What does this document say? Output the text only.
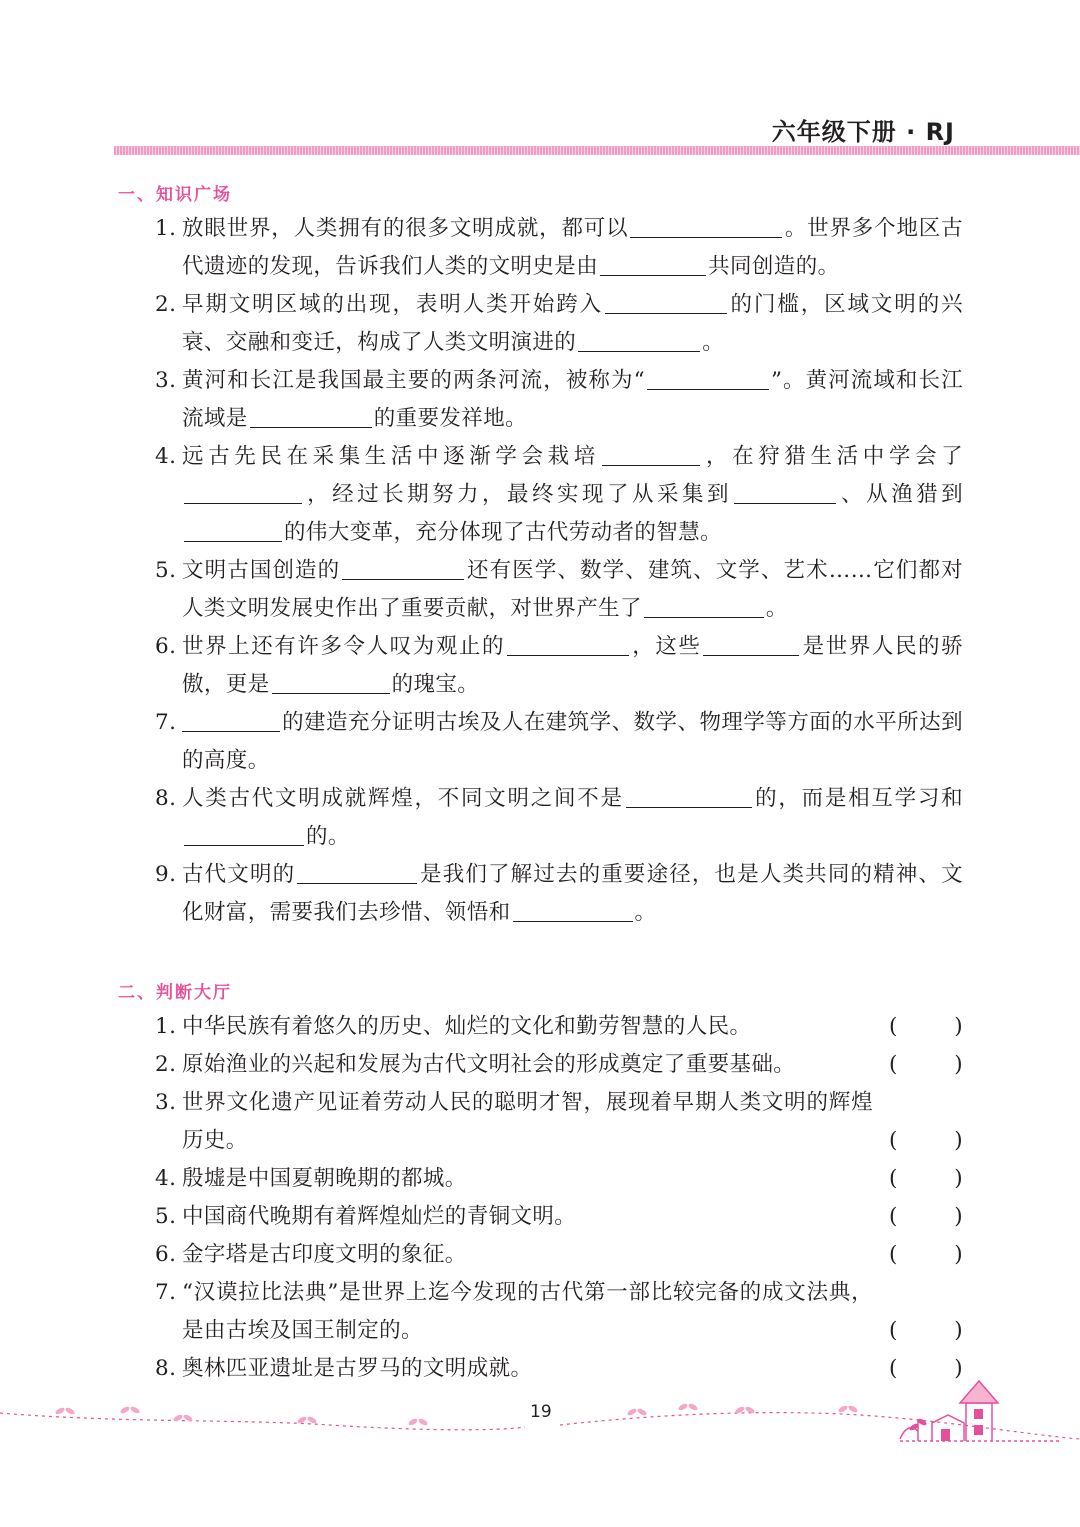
六年级下册 · RJ
一、知识广场
1. 放眼世界，人类拥有的很多文明成就，都可以	。世界多个地区古代遗迹的发现，告诉我们人类的文明史是由	共同创造的。
2. 早期文明区域的出现，表明人类开始跨入	的门槛，区域文明的兴衰、交融和变迁，构成了人类文明演进的	。
3. 黄河和长江是我国最主要的两条河流，被称为“	”。黄河流域和长江流域是	的重要发祥地。
4. 远古先民在采集生活中逐渐学会栽培	，在狩猎生活中学会了，经过长期努力，最终实现了从采集到	、从渔猎到的伟大变革，充分体现了古代劳动者的智慧。
5. 文明古国创造的	还有医学、数学、建筑、文学、艺术……它们都对人类文明发展史作出了重要贡献，对世界产生了	。
6. 世界上还有许多令人叹为观止的	，这些	是世界人民的骄傲，更是	的瑰宝。
7.	的建造充分证明古埃及人在建筑学、数学、物理学等方面的水平所达到的高度。
8. 人类古代文明成就辉煌，不同文明之间不是	的，而是相互学习和的。
9. 古代文明的	是我们了解过去的重要途径，也是人类共同的精神、文化财富，需要我们去珍惜、领悟和	。
二、判断大厅
1. 中华民族有着悠久的历史、灿烂的文化和勤劳智慧的人民。	(	)
2. 原始渔业的兴起和发展为古代文明社会的形成奠定了重要基础。	(	)
3. 世界文化遗产见证着劳动人民的聪明才智，展现着早期人类文明的辉煌历史。	(	)
4. 殷墟是中国夏朝晚期的都城。	(	)
5. 中国商代晚期有着辉煌灿烂的青铜文明。	(	)
6. 金字塔是古印度文明的象征。	(	)
7. “汉谟拉比法典”是世界上迄今发现的古代第一部比较完备的成文法典，是由古埃及国王制定的。	(	)
8. 奥林匹亚遗址是古罗马的文明成就。	(	)
19
